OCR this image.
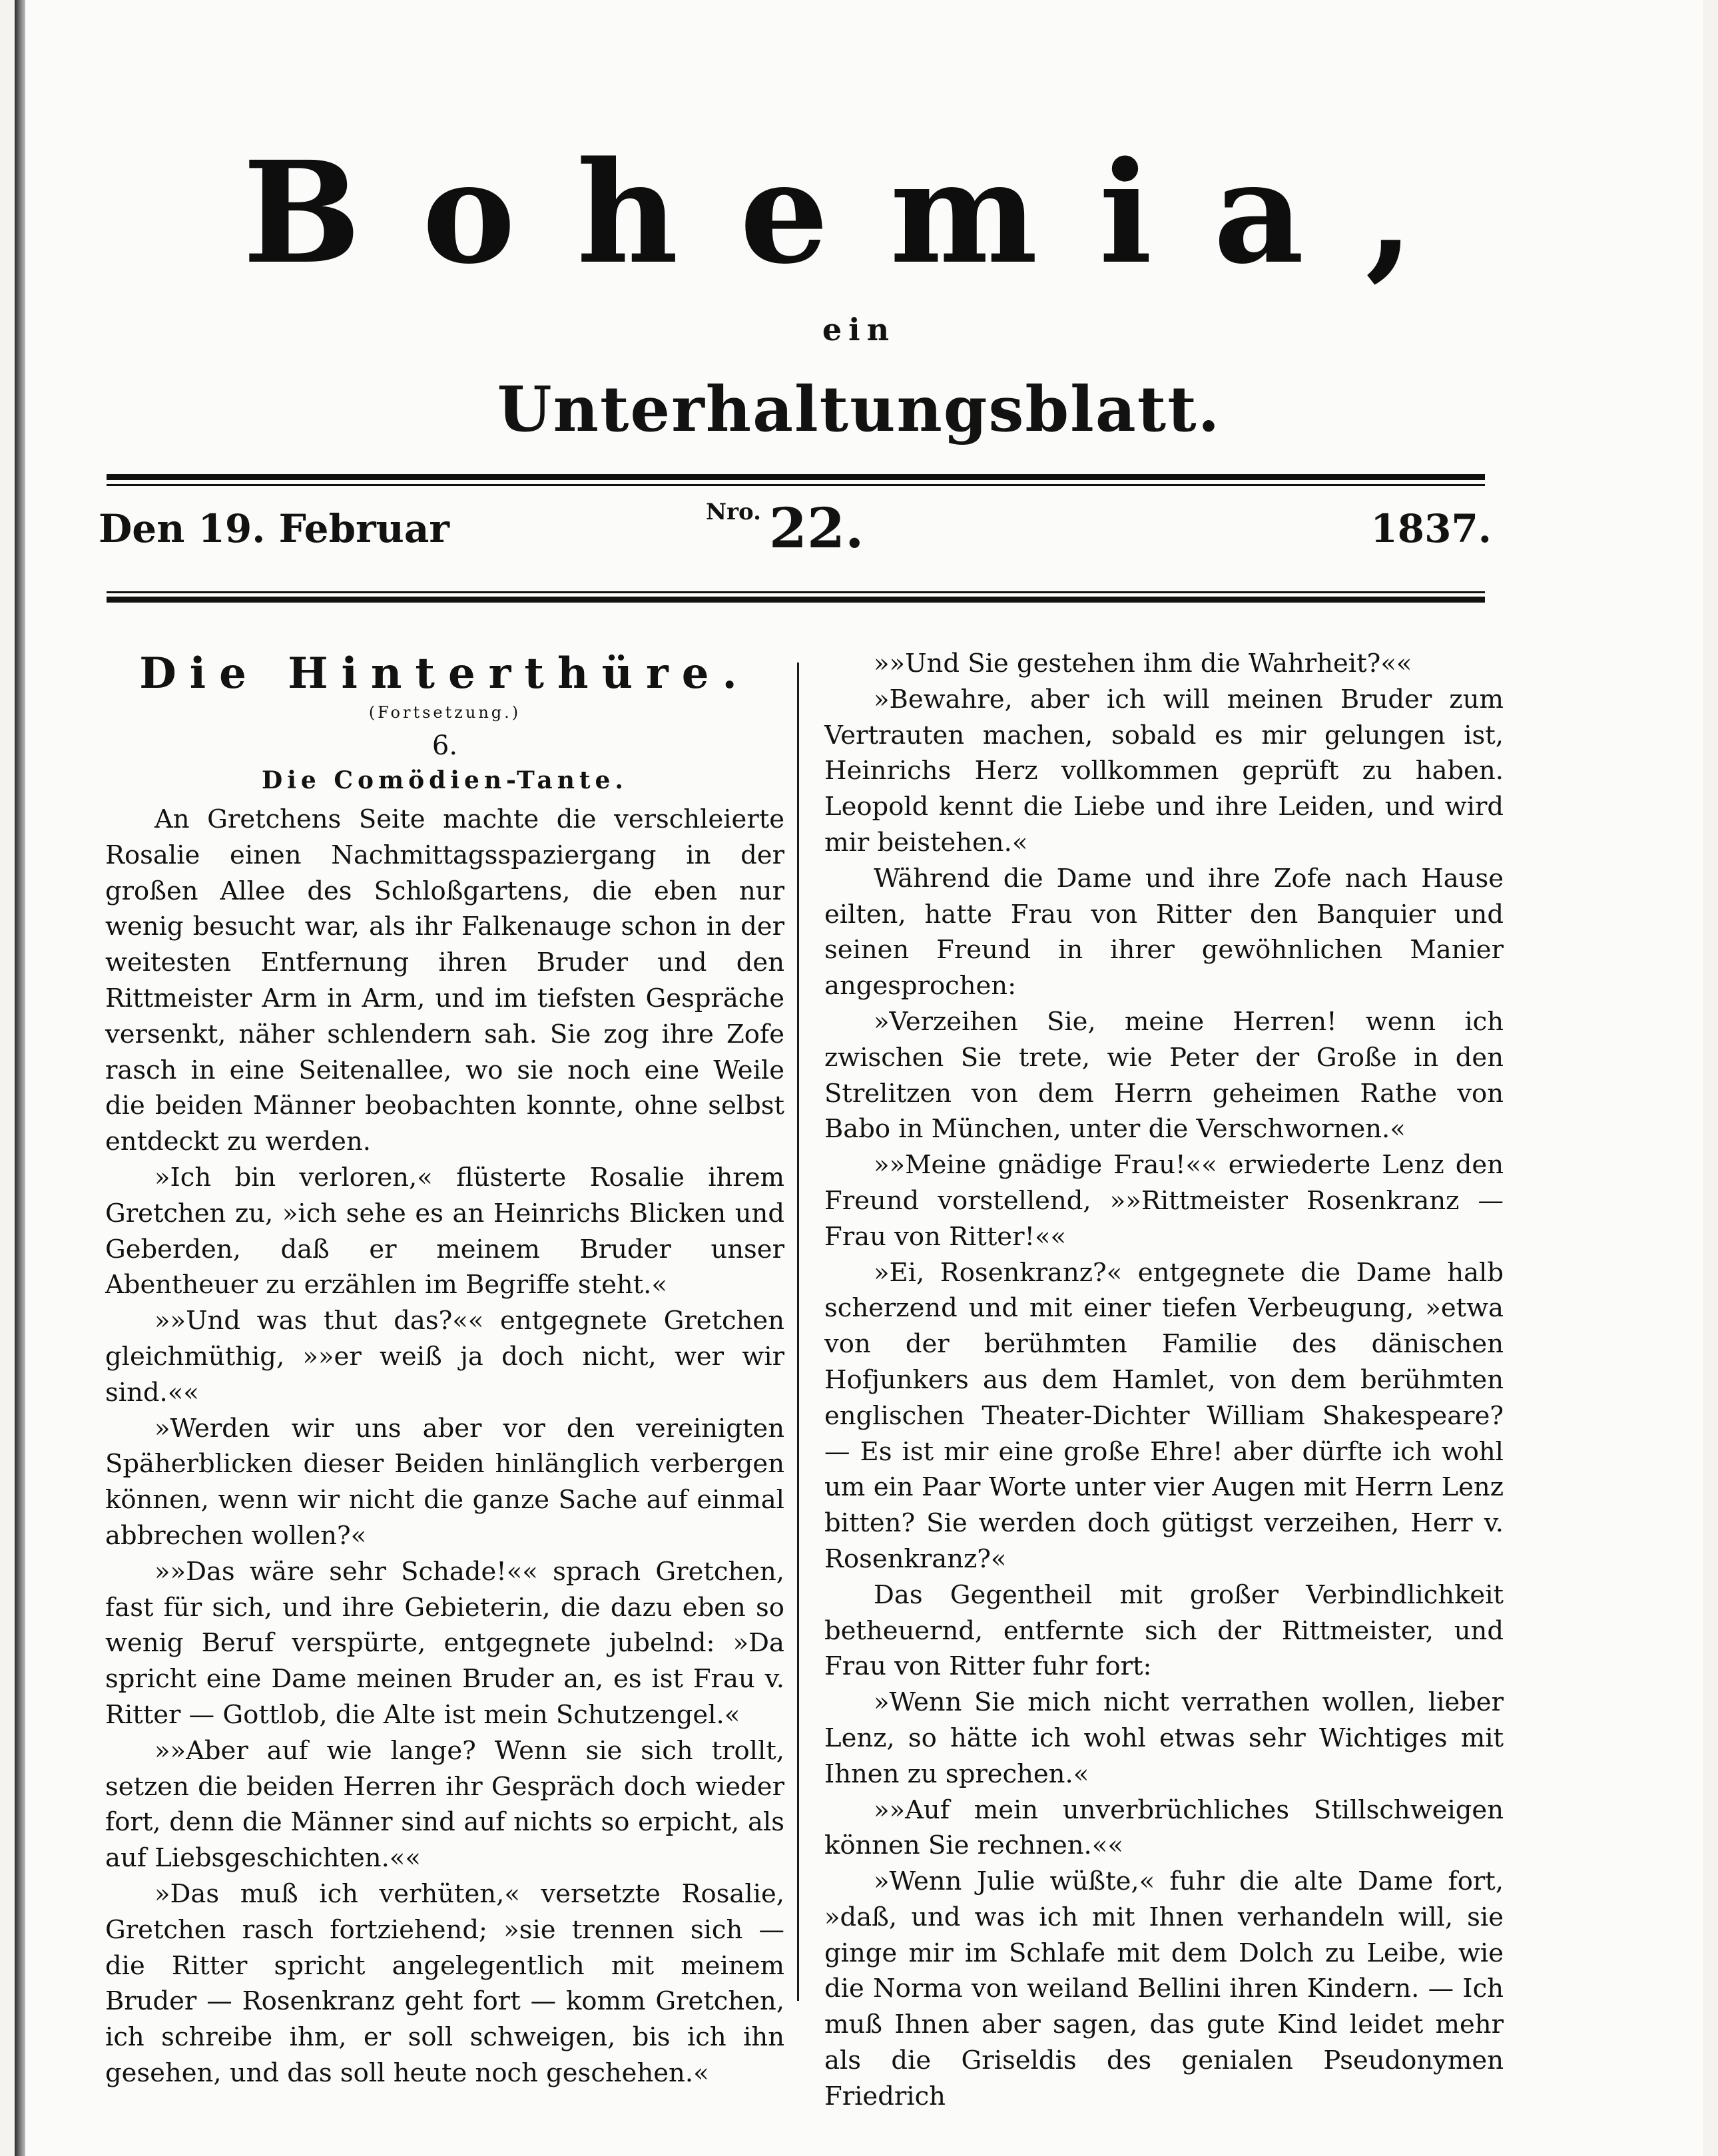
Bohemia,
ein
Unterhaltungsblatt.
Den 19. Februar	$^{Nro.}$ 22.	1837.
Die Hinterthüre.
(Fortsetzung.)
6.
Die Comödien-Tante.

An Gretchens Seite machte die verschleierte Rosalie einen Nachmittagsspaziergang in der großen Allee des Schloßgartens, die eben nur wenig besucht war, als ihr Falkenauge schon in der weitesten Entfernung ihren Bruder und den Rittmeister Arm in Arm, und im tiefsten Gespräche versenkt, näher schlendern sah. Sie zog ihre Zofe rasch in eine Seitenallee, wo sie noch eine Weile die beiden Männer beobachten konnte, ohne selbst entdeckt zu werden.

»Ich bin verloren,« flüsterte Rosalie ihrem Gretchen zu, »ich sehe es an Heinrichs Blicken und Geberden, daß er meinem Bruder unser Abentheuer zu erzählen im Begriffe steht.«

»»Und was thut das?«« entgegnete Gretchen gleichmüthig, »»er weiß ja doch nicht, wer wir sind.««

»Werden wir uns aber vor den vereinigten Späherblicken dieser Beiden hinlänglich verbergen können, wenn wir nicht die ganze Sache auf einmal abbrechen wollen?«

»»Das wäre sehr Schade!«« sprach Gretchen, fast für sich, und ihre Gebieterin, die dazu eben so wenig Beruf verspürte, entgegnete jubelnd: »Da spricht eine Dame meinen Bruder an, es ist Frau v. Ritter — Gottlob, die Alte ist mein Schutzengel.«

»»Aber auf wie lange? Wenn sie sich trollt, setzen die beiden Herren ihr Gespräch doch wieder fort, denn die Männer sind auf nichts so erpicht, als auf Liebsgeschichten.««

»Das muß ich verhüten,« versetzte Rosalie, Gretchen rasch fortziehend; »sie trennen sich — die Ritter spricht angelegentlich mit meinem Bruder — Rosenkranz geht fort — komm Gretchen, ich schreibe ihm, er soll schweigen, bis ich ihn gesehen, und das soll heute noch geschehen.«

»»Und Sie gestehen ihm die Wahrheit?««

»Bewahre, aber ich will meinen Bruder zum Vertrauten machen, sobald es mir gelungen ist, Heinrichs Herz vollkommen geprüft zu haben. Leopold kennt die Liebe und ihre Leiden, und wird mir beistehen.«

Während die Dame und ihre Zofe nach Hause eilten, hatte Frau von Ritter den Banquier und seinen Freund in ihrer gewöhnlichen Manier angesprochen:

»Verzeihen Sie, meine Herren! wenn ich zwischen Sie trete, wie Peter der Große in den Strelitzen von dem Herrn geheimen Rathe von Babo in München, unter die Verschwornen.«

»»Meine gnädige Frau!«« erwiederte Lenz den Freund vorstellend, »»Rittmeister Rosenkranz — Frau von Ritter!««

»Ei, Rosenkranz?« entgegnete die Dame halb scherzend und mit einer tiefen Verbeugung, »etwa von der berühmten Familie des dänischen Hofjunkers aus dem Hamlet, von dem berühmten englischen Theater-Dichter William Shakespeare? — Es ist mir eine große Ehre! aber dürfte ich wohl um ein Paar Worte unter vier Augen mit Herrn Lenz bitten? Sie werden doch gütigst verzeihen, Herr v. Rosenkranz?«

Das Gegentheil mit großer Verbindlichkeit betheuernd, entfernte sich der Rittmeister, und Frau von Ritter fuhr fort:

»Wenn Sie mich nicht verrathen wollen, lieber Lenz, so hätte ich wohl etwas sehr Wichtiges mit Ihnen zu sprechen.«

»»Auf mein unverbrüchliches Stillschweigen können Sie rechnen.««

»Wenn Julie wüßte,« fuhr die alte Dame fort, »daß, und was ich mit Ihnen verhandeln will, sie ginge mir im Schlafe mit dem Dolch zu Leibe, wie die Norma von weiland Bellini ihren Kindern. — Ich muß Ihnen aber sagen, das gute Kind leidet mehr als die Griseldis des genialen Pseudonymen Friedrich
